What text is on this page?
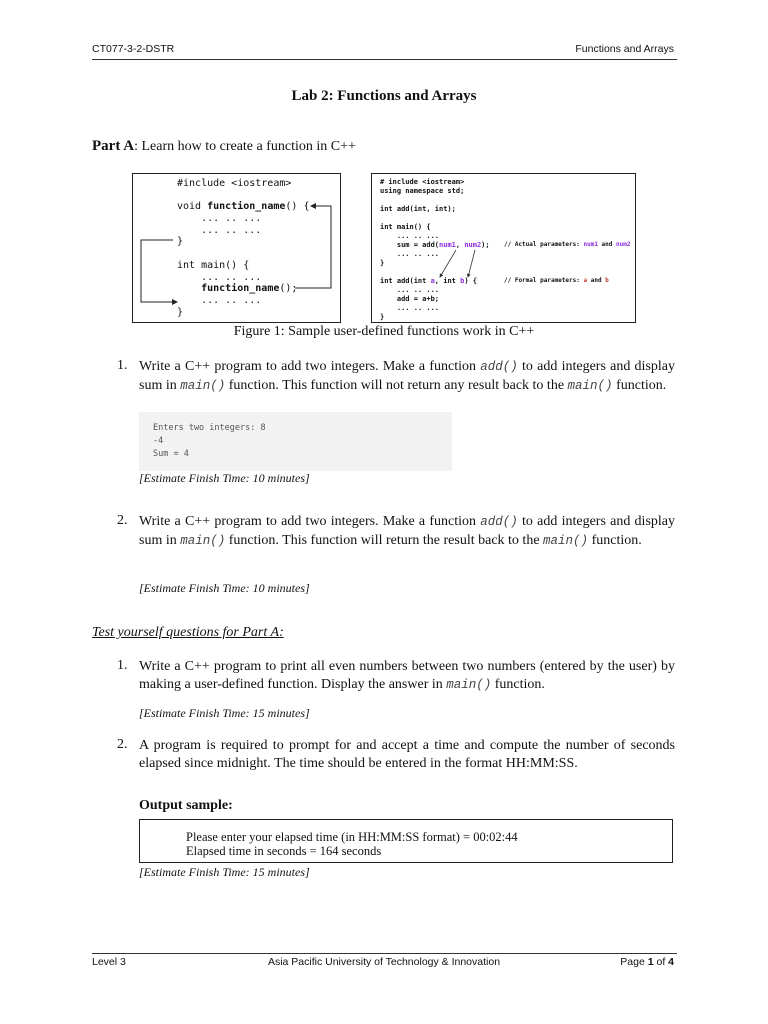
CT077-3-2-DSTR	Functions and Arrays
Lab 2: Functions and Arrays
Part A: Learn how to create a function in C++
#include <iostream>
void function_name() {
... .. ...
... .. ...
}
int main() {
... .. ...
function_name();
... .. ...
}
# include <iostream>
using namespace std;
int add(int, int);
int main() {
... .. ...
sum = add(num1, num2); // Actual parameters: num1 and num2
... .. ...
}
int add(int a, int b) {	// Formal parameters: a and b
... .. ...
add = a+b;
... .. ...
}
Figure 1: Sample user-defined functions work in C++
1. Write a C++ program to add two integers. Make a function add() to add integers and display sum in main() function. This function will not return any result back to the main() function.
Enters two integers: 8
-4
Sum = 4
[Estimate Finish Time: 10 minutes]
2. Write a C++ program to add two integers. Make a function add() to add integers and display sum in main() function. This function will return the result back to the main() function.
[Estimate Finish Time: 10 minutes]
Test yourself questions for Part A:
1. Write a C++ program to print all even numbers between two numbers (entered by the user) by making a user-defined function. Display the answer in main() function.
[Estimate Finish Time: 15 minutes]
2. A program is required to prompt for and accept a time and compute the number of seconds elapsed since midnight. The time should be entered in the format HH:MM:SS.
Output sample:
Please enter your elapsed time (in HH:MM:SS format) = 00:02:44
Elapsed time in seconds = 164 seconds
[Estimate Finish Time: 15 minutes]
Level 3	Asia Pacific University of Technology & Innovation	Page 1 of 4
